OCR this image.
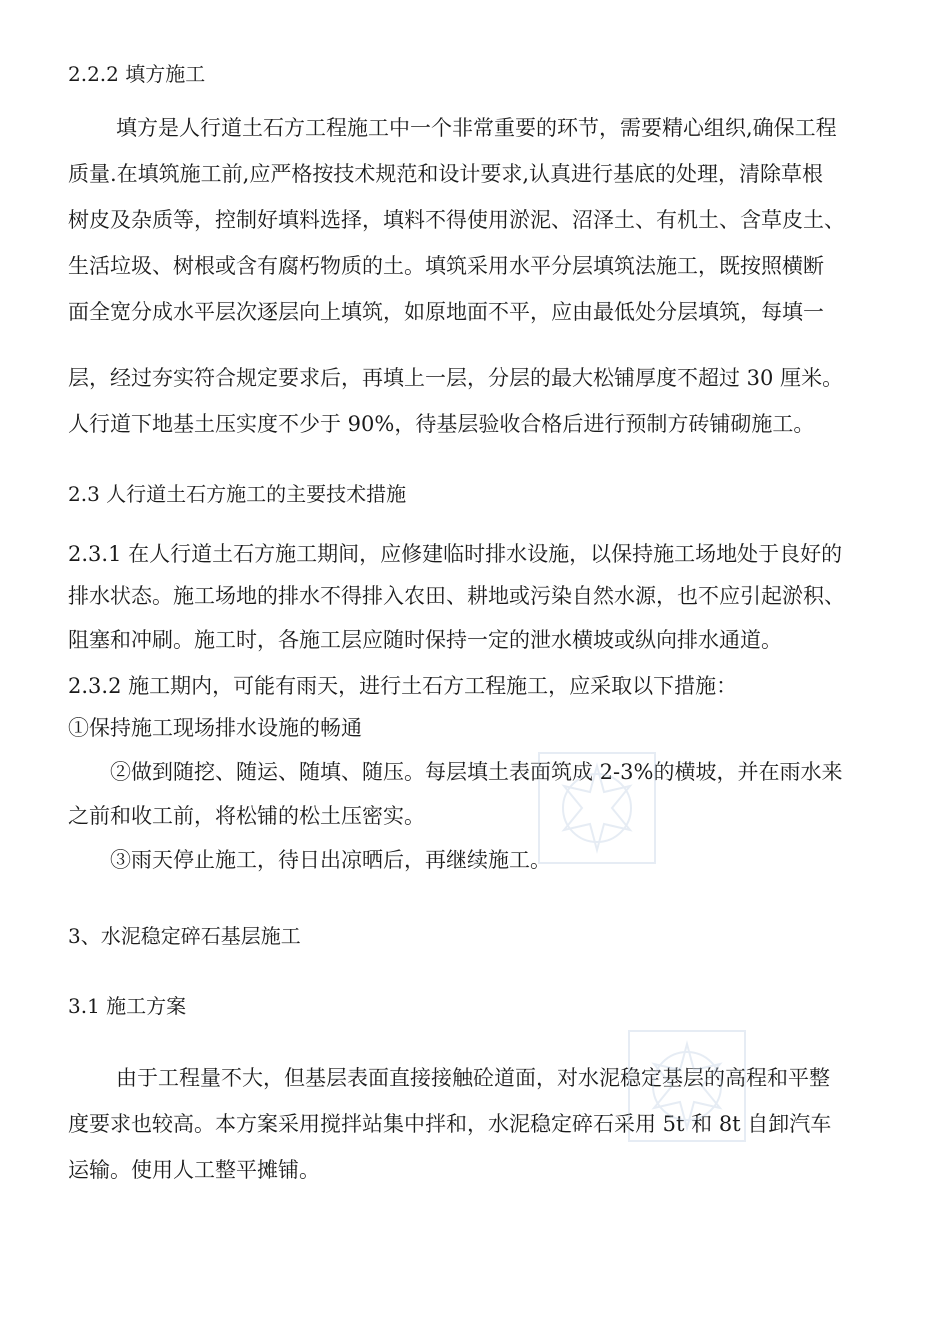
2.2.2 填方施工
填方是人行道土石方工程施工中一个非常重要的环节，需要精心组织,确保工程
质量.在填筑施工前,应严格按技术规范和设计要求,认真进行基底的处理，清除草根
树皮及杂质等，控制好填料选择，填料不得使用淤泥、沼泽土、有机土、含草皮土、
生活垃圾、树根或含有腐朽物质的土。填筑采用水平分层填筑法施工，既按照横断
面全宽分成水平层次逐层向上填筑，如原地面不平，应由最低处分层填筑，每填一
层，经过夯实符合规定要求后，再填上一层，分层的最大松铺厚度不超过 30 厘米。
人行道下地基土压实度不少于 90%，待基层验收合格后进行预制方砖铺砌施工。
2.3 人行道土石方施工的主要技术措施
2.3.1 在人行道土石方施工期间，应修建临时排水设施，以保持施工场地处于良好的
排水状态。施工场地的排水不得排入农田、耕地或污染自然水源，也不应引起淤积、
阻塞和冲刷。施工时，各施工层应随时保持一定的泄水横坡或纵向排水通道。
2.3.2 施工期内，可能有雨天，进行土石方工程施工，应采取以下措施：
①保持施工现场排水设施的畅通
②做到随挖、随运、随填、随压。每层填土表面筑成 2-3%的横坡，并在雨水来
之前和收工前，将松铺的松土压密实。
③雨天停止施工，待日出凉晒后，再继续施工。
3、水泥稳定碎石基层施工
3.1 施工方案
由于工程量不大，但基层表面直接接触砼道面，对水泥稳定基层的高程和平整
度要求也较高。本方案采用搅拌站集中拌和，水泥稳定碎石采用 5t 和 8t 自卸汽车
运输。使用人工整平摊铺。
